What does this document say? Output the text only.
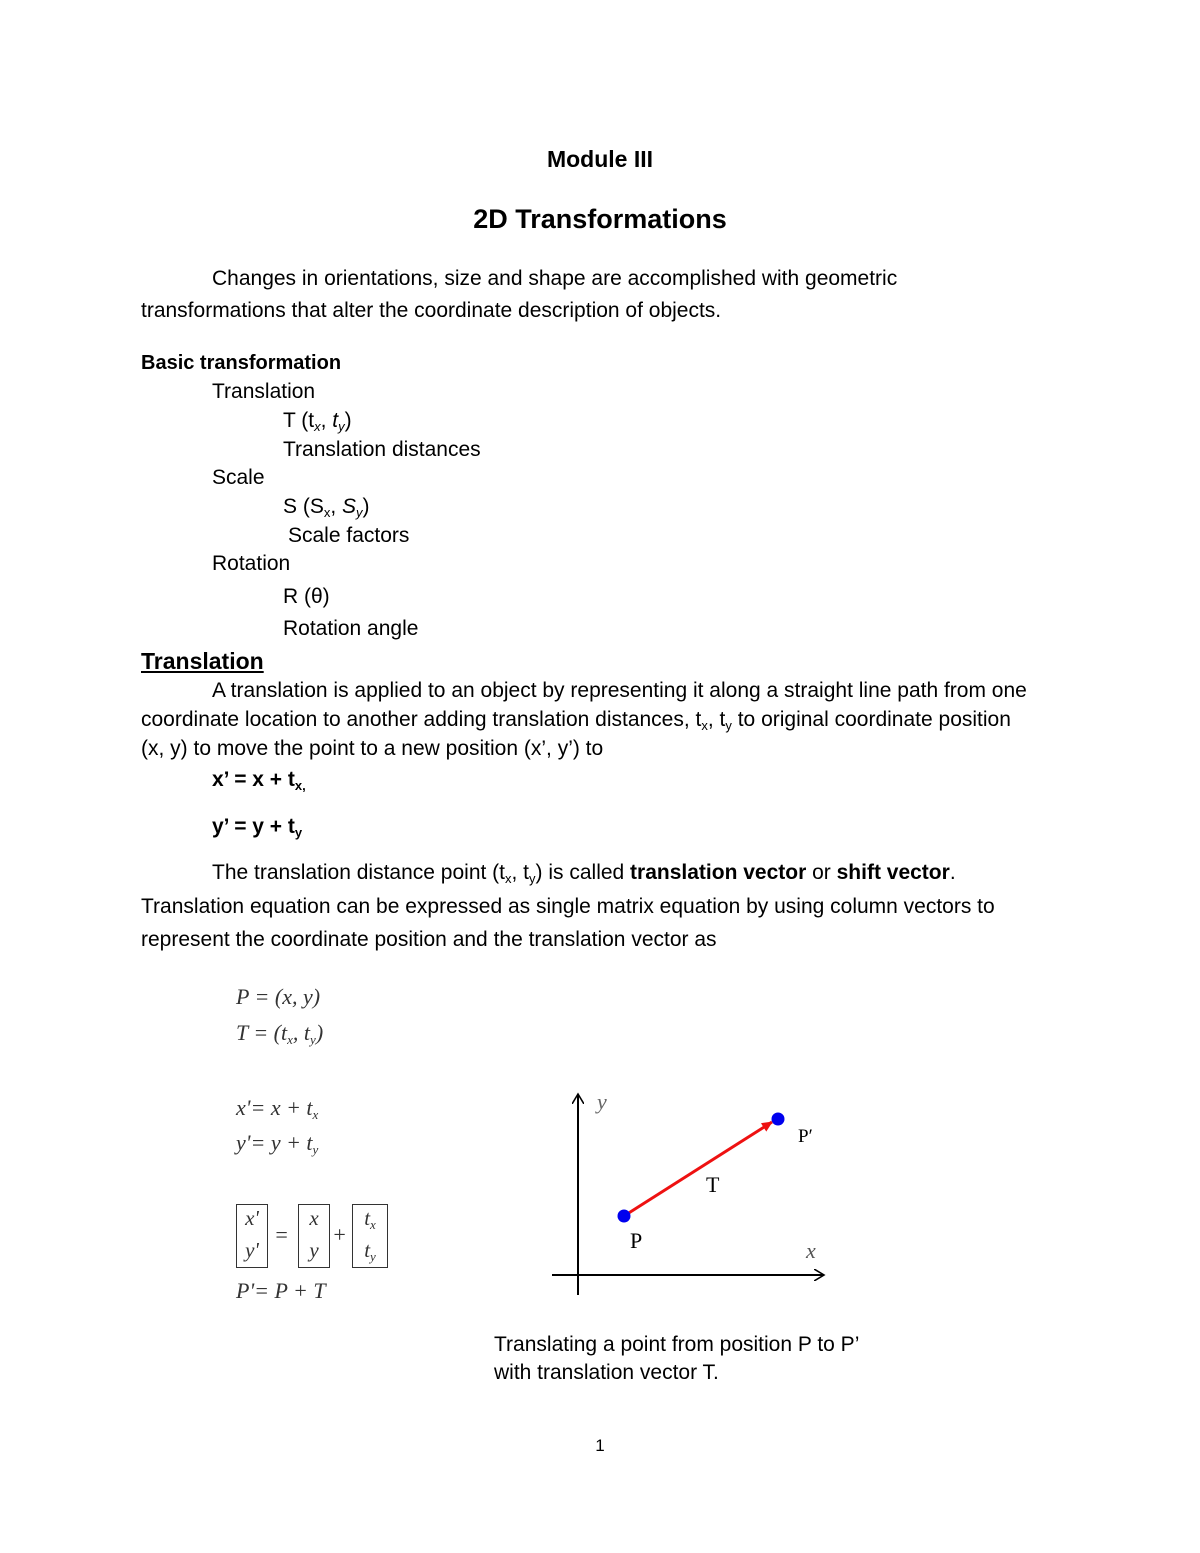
Module III
2D Transformations
Changes in orientations, size and shape are accomplished with geometric
transformations that alter the coordinate description of objects.
Basic transformation
Translation
T ($t_x$, $t_y$)
Translation distances
Scale
S ($S_x$, $S_y$)
Scale factors
Rotation
R (θ)
Rotation angle
Translation
A translation is applied to an object by representing it along a straight line path from one
coordinate location to another adding translation distances, $t_x$, $t_y$ to original coordinate position
(x, y) to move the point to a new position (x’, y’) to
x’ = $x + t_{x,}$
y’ = $y + t_y$
The translation distance point ($t_x$, $t_y$) is called translation vector or shift vector.
Translation equation can be expressed as single matrix equation by using column vectors to
represent the coordinate position and the translation vector as
P = (x, y)
$T = (t_x$, $t_y$)
$x'= x + t_x$
$y'= y + t_y$
x'
y'
=
x
y
+
$t_x$
$t_y$
P'= P + T
y
x
P
P′
T
Translating a point from position P to P’
with translation vector T.
1
